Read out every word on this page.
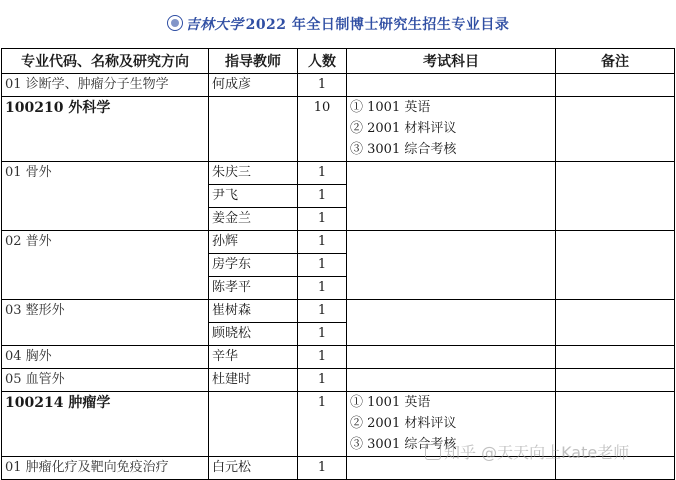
吉林大学 2022 年全日制博士研究生招生专业目录
专业代码、名称及研究方向	指导教师	人数	考试科目	备注
01 诊断学、肿瘤分子生物学	何成彦	1		
100210 外科学		10	① 1001 英语
② 2001 材料评议
③ 3001 综合考核	

01 骨外	朱庆三	1		
	尹飞	1		
	姜金兰	1		
02 普外	孙辉	1		
	房学东	1		
	陈孝平	1		
03 整形外	崔树森	1		
	顾晓松	1		
04 胸外	辛华	1		
05 血管外	杜建时	1		
100214 肿瘤学		1	① 1001 英语
② 2001 材料评议
③ 3001 综合考核	

01 肿瘤化疗及靶向免疫治疗	白元松	1		
知乎 @天天向上Kate老师
